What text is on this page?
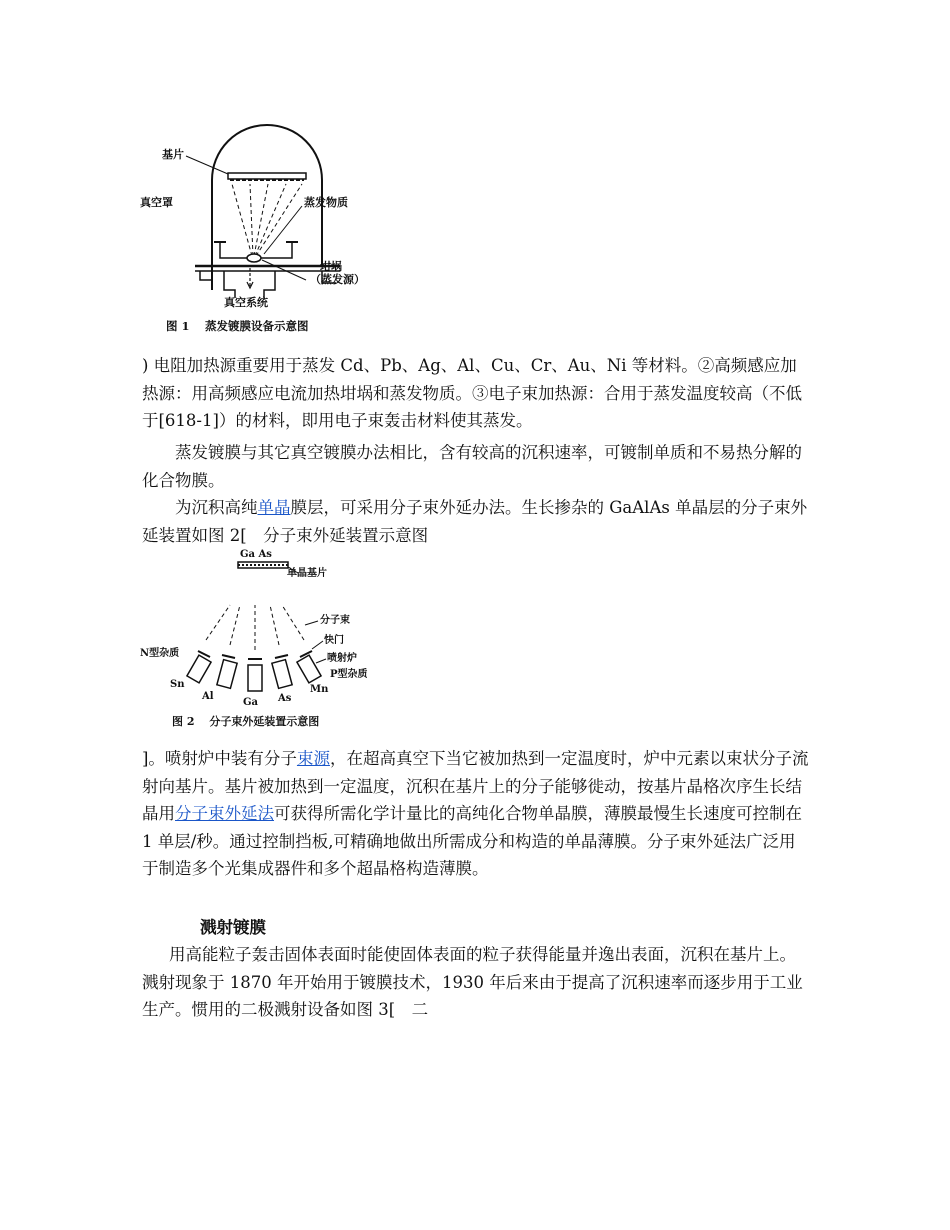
基片
真空罩	蒸发物质
坩埚
（蒸发源）
真空系统
图 1　 蒸发镀膜设备示意图

) 电阻加热源重要用于蒸发 Cd、Pb、Ag、Al、Cu、Cr、Au、Ni 等材料。②高频感应加热源：用高频感应电流加热坩埚和蒸发物质。③电子束加热源：合用于蒸发温度较高（不低于[618-1]）的材料，即用电子束轰击材料使其蒸发。

蒸发镀膜与其它真空镀膜办法相比，含有较高的沉积速率，可镀制单质和不易热分解的化合物膜。

为沉积高纯单晶膜层，可采用分子束外延办法。生长掺杂的 GaAlAs 单晶层的分子束外延装置如图 2[　分子束外延装置示意图

Ga As
单晶基片
分子束
快门
喷射炉
N型杂质
P型杂质
Sn
Al
Ga As
Mn
图 2　 分子束外延装置示意图

]。喷射炉中装有分子束源，在超高真空下当它被加热到一定温度时，炉中元素以束状分子流射向基片。基片被加热到一定温度，沉积在基片上的分子能够徙动，按基片晶格次序生长结晶用分子束外延法可获得所需化学计量比的高纯化合物单晶膜，薄膜最慢生长速度可控制在 1 单层/秒。通过控制挡板,可精确地做出所需成分和构造的单晶薄膜。分子束外延法广泛用于制造多个光集成器件和多个超晶格构造薄膜。

溅射镀膜

用高能粒子轰击固体表面时能使固体表面的粒子获得能量并逸出表面，沉积在基片上。溅射现象于 1870 年开始用于镀膜技术，1930 年后来由于提高了沉积速率而逐步用于工业生产。惯用的二极溅射设备如图 3[　二
